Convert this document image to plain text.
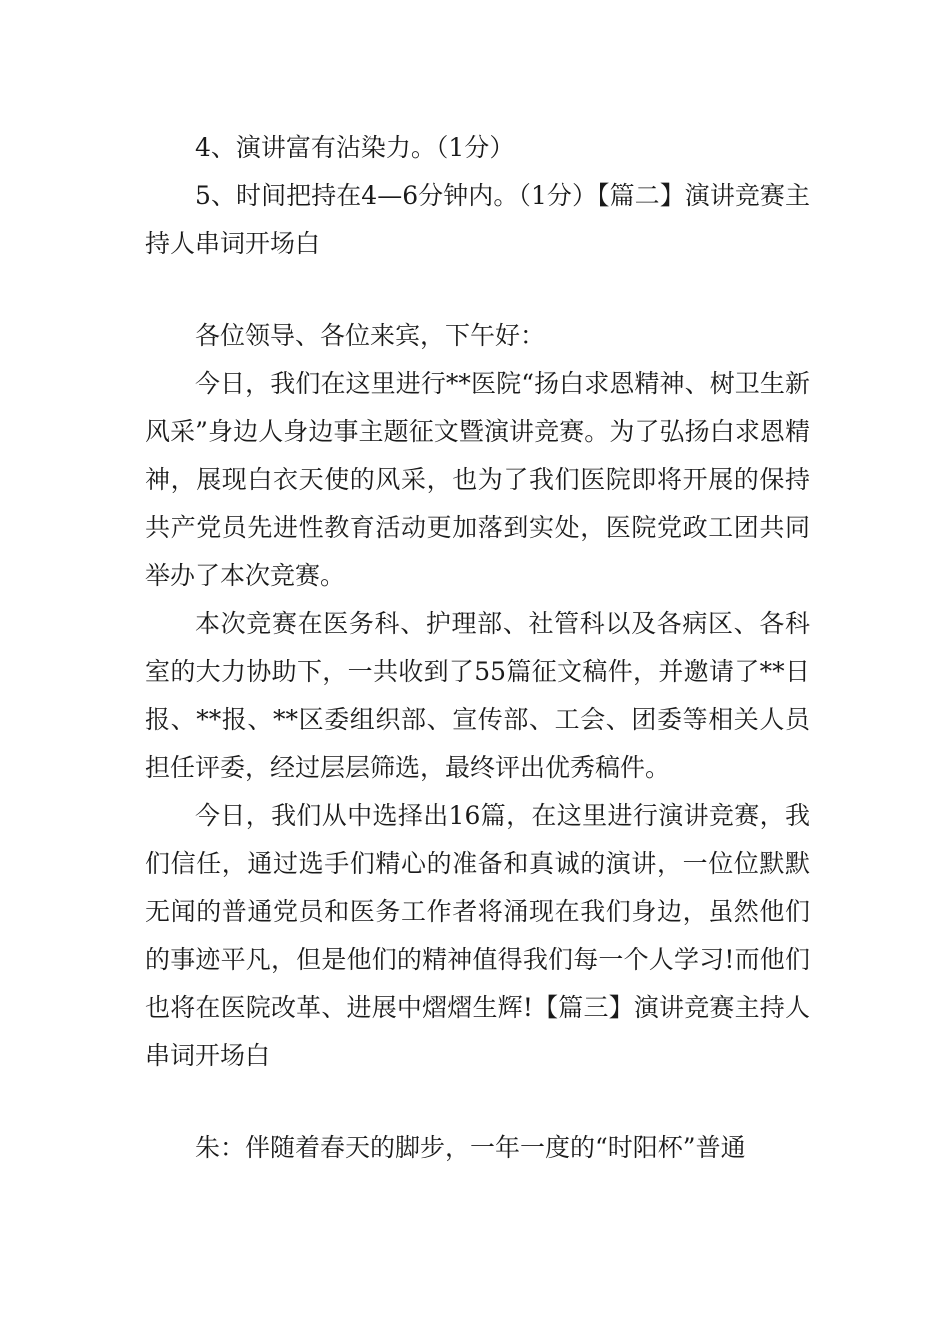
4、演讲富有沾染力。（1分）

5、时间把持在4—6分钟内。（1分）【篇二】演讲竞赛主持人串词开场白

各位领导、各位来宾，下午好：

今日，我们在这里进行**医院“扬白求恩精神、树卫生新风采”身边人身边事主题征文暨演讲竞赛。为了弘扬白求恩精神，展现白衣天使的风采，也为了我们医院即将开展的保持共产党员先进性教育活动更加落到实处，医院党政工团共同举办了本次竞赛。

本次竞赛在医务科、护理部、社管科以及各病区、各科室的大力协助下，一共收到了55篇征文稿件，并邀请了**日报、**报、**区委组织部、宣传部、工会、团委等相关人员担任评委，经过层层筛选，最终评出优秀稿件。

今日，我们从中选择出16篇，在这里进行演讲竞赛，我们信任，通过选手们精心的准备和真诚的演讲，一位位默默无闻的普通党员和医务工作者将涌现在我们身边，虽然他们的事迹平凡，但是他们的精神值得我们每一个人学习!而他们也将在医院改革、进展中熠熠生辉!【篇三】演讲竞赛主持人串词开场白

朱：伴随着春天的脚步，一年一度的“时阳杯”普通
